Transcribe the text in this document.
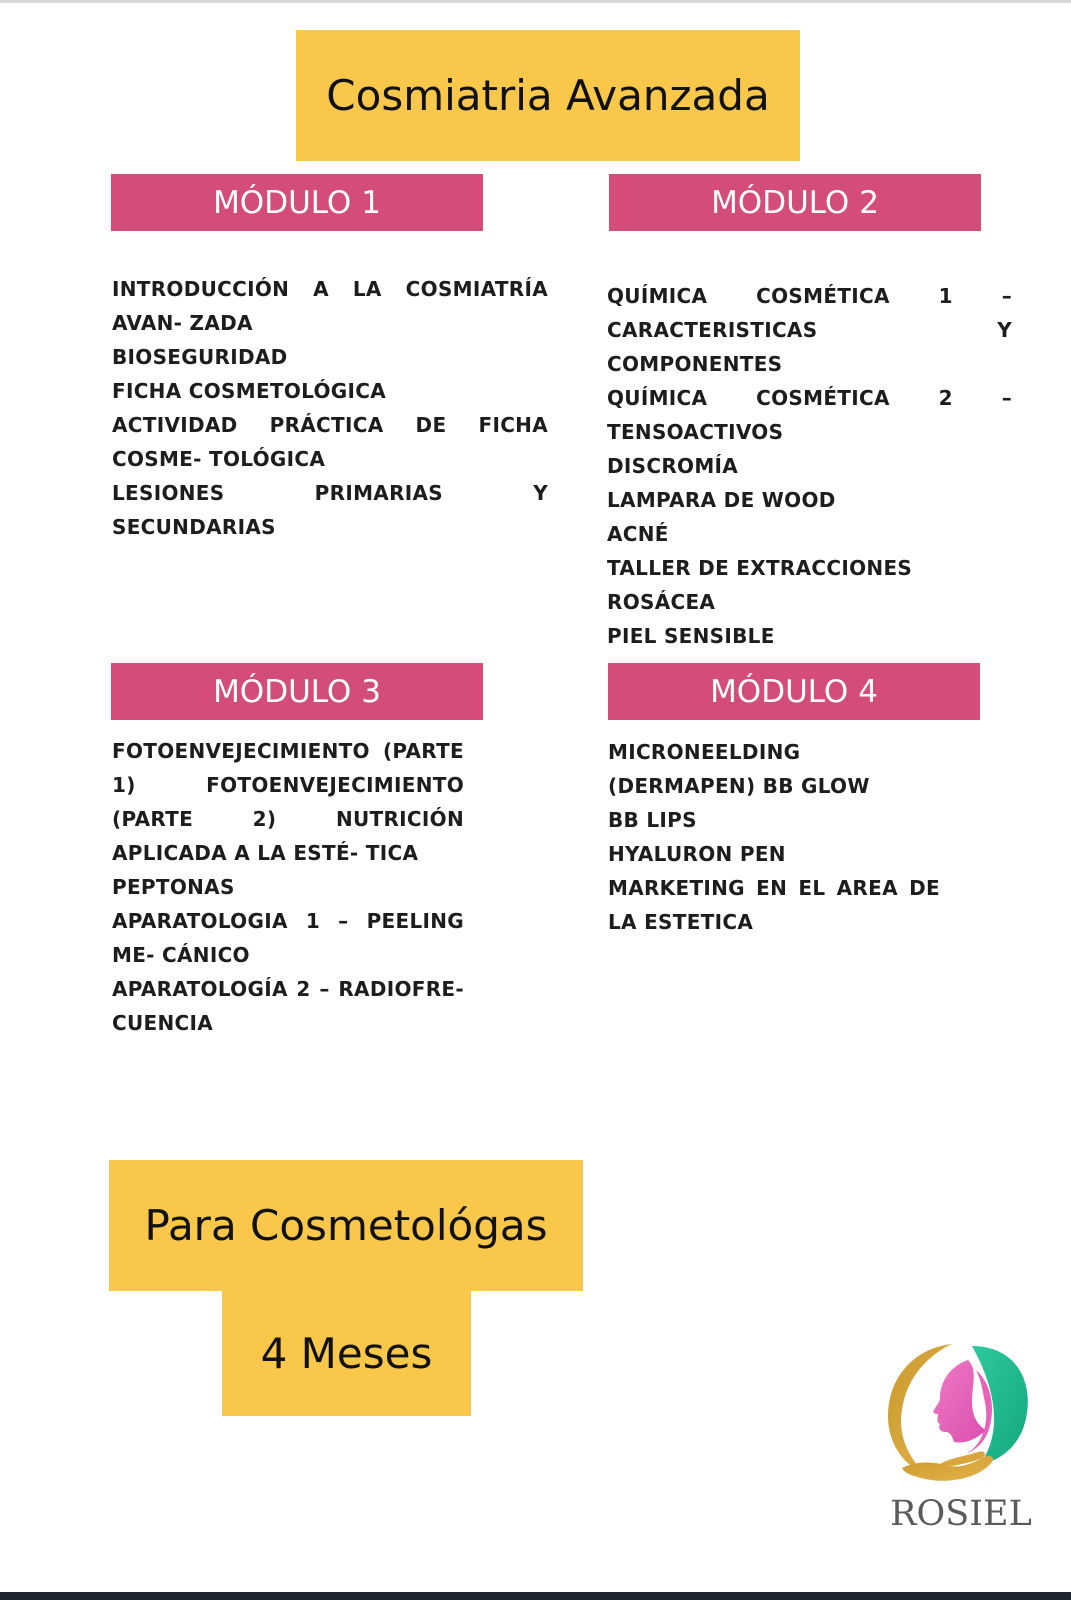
Cosmiatria Avanzada
MÓDULO 1
INTRODUCCIÓN A LA COSMIATRÍA AVAN- ZADA
BIOSEGURIDAD
FICHA COSMETOLÓGICA
ACTIVIDAD PRÁCTICA DE FICHA COSME- TOLÓGICA
LESIONES PRIMARIAS Y SECUNDARIAS
MÓDULO 2
QUÍMICA COSMÉTICA 1 – CARACTERISTICAS Y COMPONENTES
QUÍMICA COSMÉTICA 2 – TENSOACTIVOS
DISCROMÍA
LAMPARA DE WOOD
ACNÉ
TALLER DE EXTRACCIONES
ROSÁCEA
PIEL SENSIBLE
MÓDULO 3
FOTOENVEJECIMIENTO (PARTE 1) FOTOENVEJECIMIENTO (PARTE 2) NUTRICIÓN APLICADA A LA ESTÉ- TICA
PEPTONAS
APARATOLOGIA 1 – PEELING ME- CÁNICO
APARATOLOGÍA 2 – RADIOFRE- CUENCIA
MÓDULO 4
MICRONEELDING (DERMAPEN) BB GLOW
BB LIPS
HYALURON PEN
MARKETING EN EL AREA DE LA ESTETICA
Para Cosmetológas
4 Meses
ROSIEL
